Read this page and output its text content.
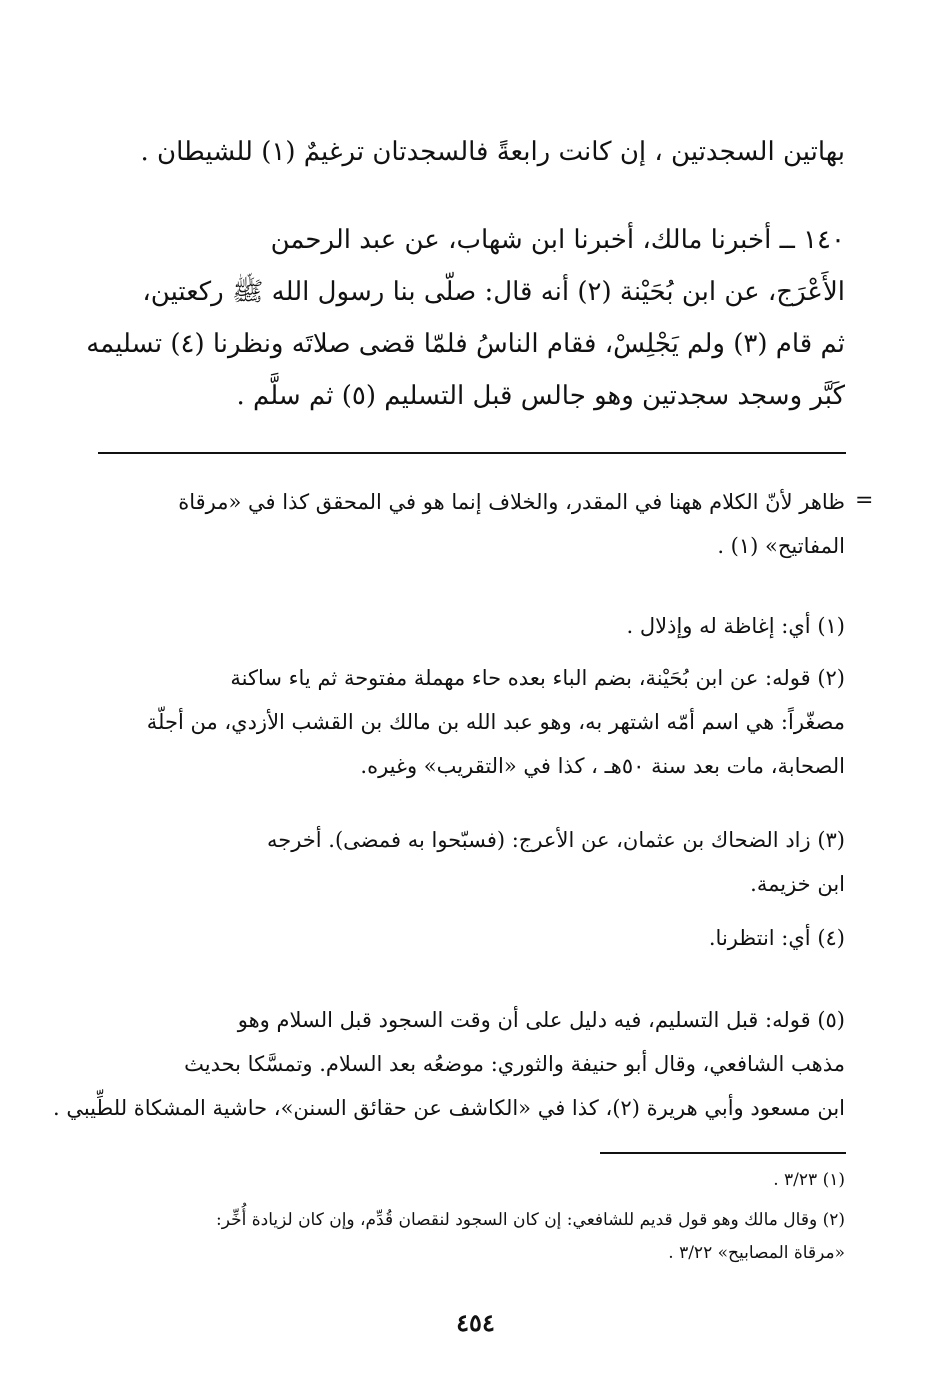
بهاتين السجدتين ، إن كانت رابعةً فالسجدتان ترغيمٌ (١) للشيطان .
١٤٠ ــ أخبرنا مالك، أخبرنا ابن شهاب، عن عبد الرحمن
الأَعْرَج، عن ابن بُحَيْنة (٢) أنه قال: صلّى بنا رسول الله ﷺ ركعتين،
ثم قام (٣) ولم يَجْلِسْ، فقام الناسُ فلمّا قضى صلاتَه ونظرنا (٤) تسليمه
كَبَّر وسجد سجدتين وهو جالس قبل التسليم (٥) ثم سلَّم .
=
ظاهر لأنّ الكلام ههنا في المقدر، والخلاف إنما هو في المحقق كذا في «مرقاة
المفاتيح» (١) .
(١) أي: إغاظة له وإذلال .
(٢) قوله: عن ابن بُحَيْنة، بضم الباء بعده حاء مهملة مفتوحة ثم ياء ساكنة
مصغّراً: هي اسم أمّه اشتهر به، وهو عبد الله بن مالك بن القشب الأزدي، من أجلّة
الصحابة، مات بعد سنة ٥٠هـ ، كذا في «التقريب» وغيره.
(٣) زاد الضحاك بن عثمان، عن الأعرج: (فسبّحوا به فمضى). أخرجه
ابن خزيمة.
(٤) أي: انتظرنا.
(٥) قوله: قبل التسليم، فيه دليل على أن وقت السجود قبل السلام وهو
مذهب الشافعي، وقال أبو حنيفة والثوري: موضعُه بعد السلام. وتمسَّكا بحديث
ابن مسعود وأبي هريرة (٢)، كذا في «الكاشف عن حقائق السنن»، حاشية المشكاة للطِّيبي .
(١) ٣/٢٣ .
(٢) وقال مالك وهو قول قديم للشافعي: إن كان السجود لنقصان قُدِّم، وإن كان لزيادة أُخِّر:
«مرقاة المصابيح» ٣/٢٢ .
٤٥٤
